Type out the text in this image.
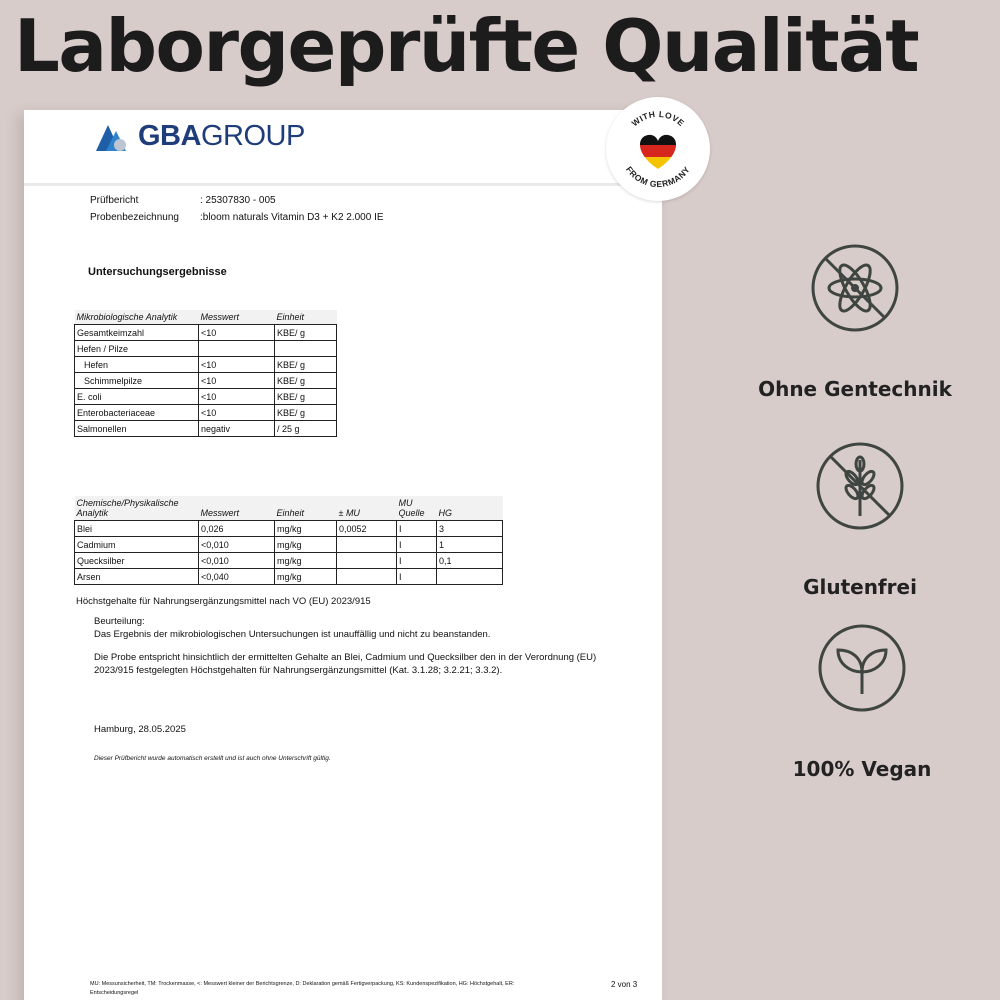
Laborgeprüfte Qualität
GBAGROUP
Prüfbericht	: 25307830 - 005
Probenbezeichnung	:bloom naturals Vitamin D3 + K2 2.000 IE
Untersuchungsergebnisse
Mikrobiologische Analytik	Messwert	Einheit
Gesamtkeimzahl	<10	KBE/ g
Hefen / Pilze		
Hefen	<10	KBE/ g
Schimmelpilze	<10	KBE/ g
E. coli	<10	KBE/ g
Enterobacteriaceae	<10	KBE/ g
Salmonellen	negativ	/ 25 g
Chemische/Physikalische Analytik	Messwert	Einheit	± MU	MU Quelle	HG
Blei	0,026	mg/kg	0,0052	I	3
Cadmium	<0,010	mg/kg		I	1
Quecksilber	<0,010	mg/kg		I	0,1
Arsen	<0,040	mg/kg		I	
Höchstgehalte für Nahrungsergänzungsmittel nach VO (EU) 2023/915
Beurteilung:

Das Ergebnis der mikrobiologischen Untersuchungen ist unauffällig und nicht zu beanstanden.

Die Probe entspricht hinsichtlich der ermittelten Gehalte an Blei, Cadmium und Quecksilber den in der Verordnung (EU) 2023/915 festgelegten Höchstgehalten für Nahrungsergänzungsmittel (Kat. 3.1.28; 3.2.21; 3.3.2).

Hamburg, 28.05.2025
Dieser Prüfbericht wurde automatisch erstellt und ist auch ohne Unterschrift gültig.
MU: Messunsicherheit, TM: Trockenmasse, <: Messwert kleiner der Berichtsgrenze, D: Deklaration gemäß Fertigverpackung, KS: Kundenspezifikation, HG: Höchstgehalt, ER: Entscheidungsregel
2 von 3
WITH LOVE
FROM GERMANY
Ohne Gentechnik
Glutenfrei
100% Vegan
